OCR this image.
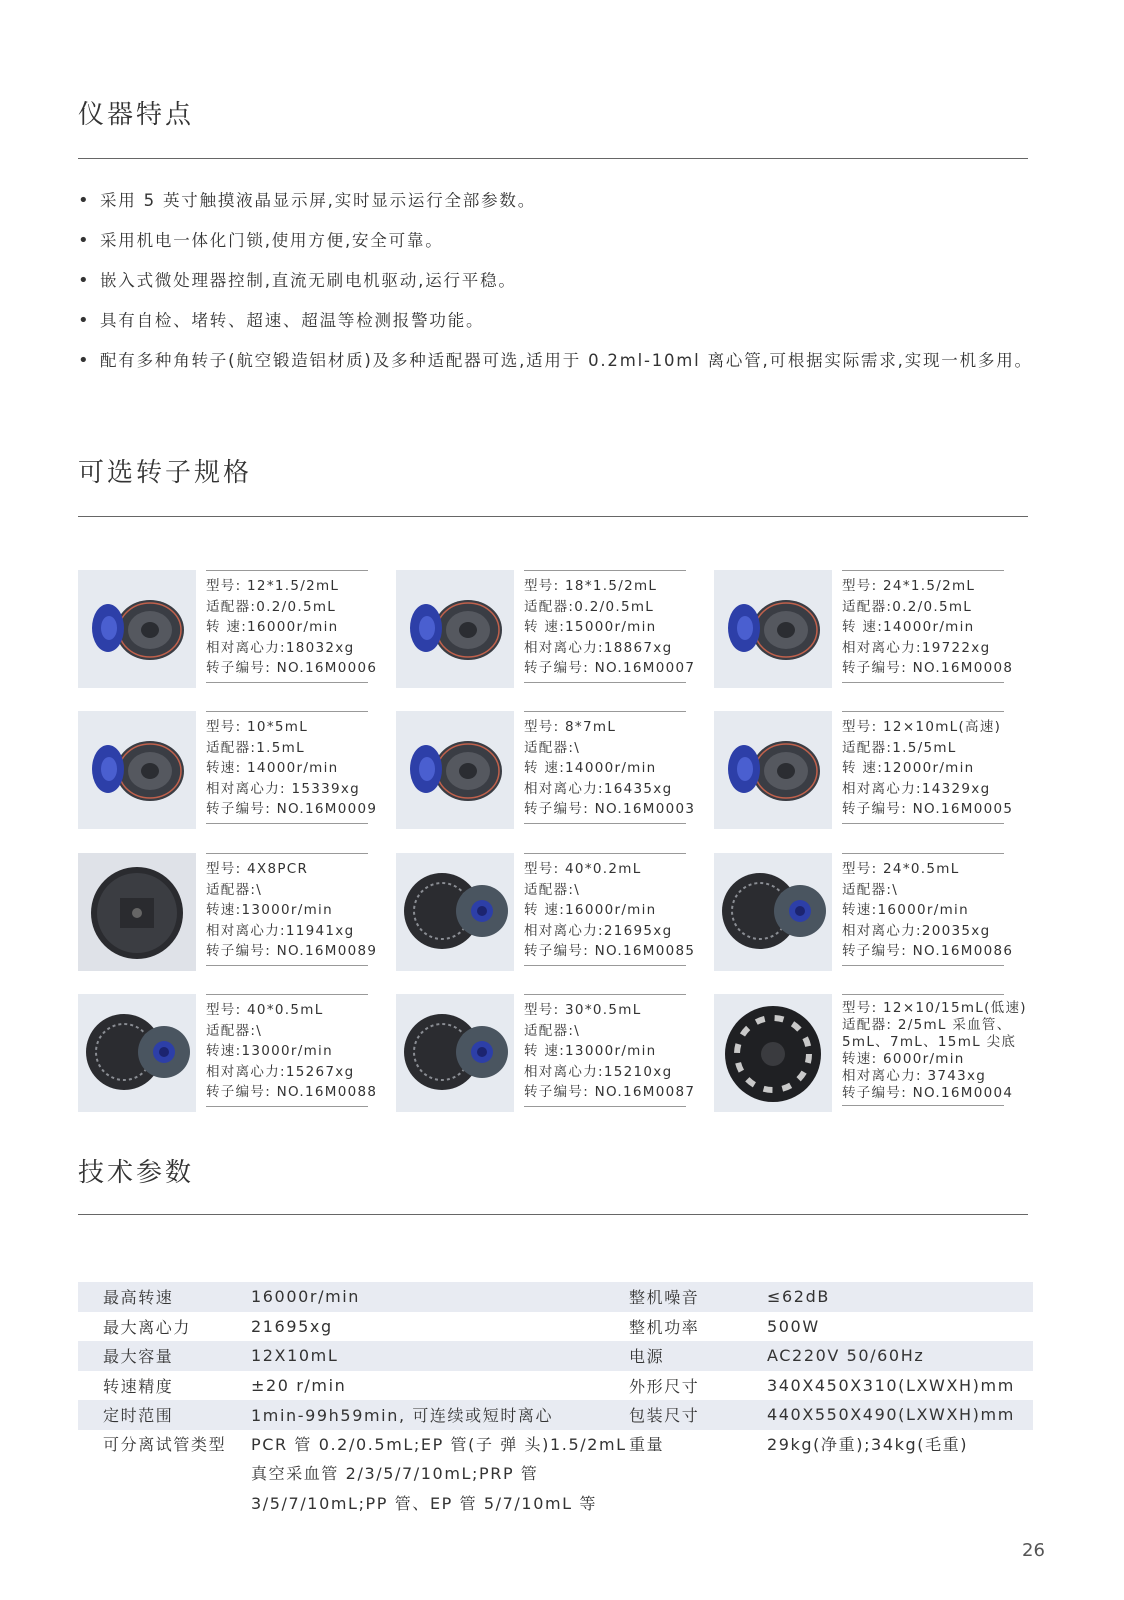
仪器特点
• 采用 5 英寸触摸液晶显示屏,实时显示运行全部参数。
• 采用机电一体化门锁,使用方便,安全可靠。
• 嵌入式微处理器控制,直流无刷电机驱动,运行平稳。
• 具有自检、堵转、超速、超温等检测报警功能。
• 配有多种角转子(航空锻造铝材质)及多种适配器可选,适用于 0.2ml-10ml 离心管,可根据实际需求,实现一机多用。
可选转子规格
型号: 12*1.5/2mL
适配器:0.2/0.5mL
转 速:16000r/min
相对离心力:18032xg
转子编号: NO.16M0006
型号: 18*1.5/2mL
适配器:0.2/0.5mL
转 速:15000r/min
相对离心力:18867xg
转子编号: NO.16M0007
型号: 24*1.5/2mL
适配器:0.2/0.5mL
转 速:14000r/min
相对离心力:19722xg
转子编号: NO.16M0008
型号: 10*5mL
适配器:1.5mL
转速: 14000r/min
相对离心力: 15339xg
转子编号: NO.16M0009
型号: 8*7mL
适配器:\
转 速:14000r/min
相对离心力:16435xg
转子编号: NO.16M0003
型号: 12×10mL(高速)
适配器:1.5/5mL
转 速:12000r/min
相对离心力:14329xg
转子编号: NO.16M0005
型号: 4X8PCR
适配器:\
转速:13000r/min
相对离心力:11941xg
转子编号: NO.16M0089
型号: 40*0.2mL
适配器:\
转 速:16000r/min
相对离心力:21695xg
转子编号: NO.16M0085
型号: 24*0.5mL
适配器:\
转速:16000r/min
相对离心力:20035xg
转子编号: NO.16M0086
型号: 40*0.5mL
适配器:\
转速:13000r/min
相对离心力:15267xg
转子编号: NO.16M0088
型号: 30*0.5mL
适配器:\
转 速:13000r/min
相对离心力:15210xg
转子编号: NO.16M0087
型号: 12×10/15mL(低速)
适配器: 2/5mL 采血管、
5mL、7mL、15mL 尖底
转速: 6000r/min
相对离心力: 3743xg
转子编号: NO.16M0004
技术参数
最高转速	16000r/min	整机噪音	≤62dB
最大离心力	21695xg	整机功率	500W
最大容量	12X10mL	电源	AC220V 50/60Hz
转速精度	±20 r/min	外形尺寸	340X450X310(LXWXH)mm
定时范围	1min-99h59min, 可连续或短时离心	包装尺寸	440X550X490(LXWXH)mm
可分离试管类型	PCR 管 0.2/0.5mL;EP 管(子 弹 头)1.5/2mL 真空采血管 2/3/5/7/10mL;PRP 管 3/5/7/10mL;PP 管、EP 管 5/7/10mL 等	重量	29kg(净重);34kg(毛重)
26
